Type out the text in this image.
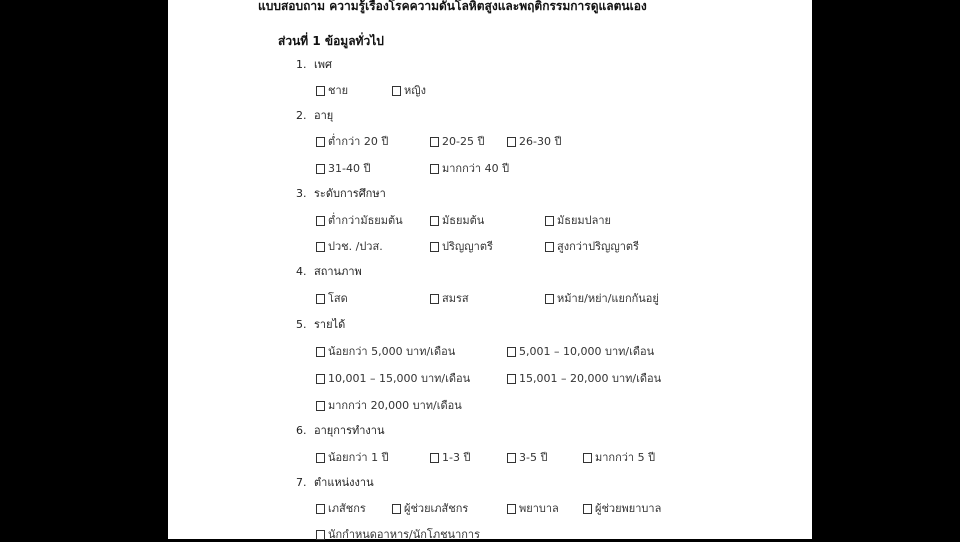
แบบสอบถาม ความรู้เรื่องโรคความดันโลหิตสูงและพฤติกรรมการดูแลตนเอง
ส่วนที่ 1 ข้อมูลทั่วไป
1. เพศ
ชาย	หญิง
2. อายุ
ต่ำกว่า 20 ปี	20-25 ปี	26-30 ปี
31-40 ปี	มากกว่า 40 ปี
3. ระดับการศึกษา
ต่ำกว่ามัธยมต้น	มัธยมต้น	มัธยมปลาย
ปวช. /ปวส.	ปริญญาตรี	สูงกว่าปริญญาตรี
4. สถานภาพ
โสด	สมรส	หม้าย/หย่า/แยกกันอยู่
5. รายได้
น้อยกว่า 5,000 บาท/เดือน	5,001 – 10,000 บาท/เดือน
10,001 – 15,000 บาท/เดือน	15,001 – 20,000 บาท/เดือน
มากกว่า 20,000 บาท/เดือน
6. อายุการทำงาน
น้อยกว่า 1 ปี	1-3 ปี	3-5 ปี	มากกว่า 5 ปี
7. ตำแหน่งงาน
เภสัชกร	ผู้ช่วยเภสัชกร	พยาบาล	ผู้ช่วยพยาบาล
นักกำหนดอาหาร/นักโภชนาการ
